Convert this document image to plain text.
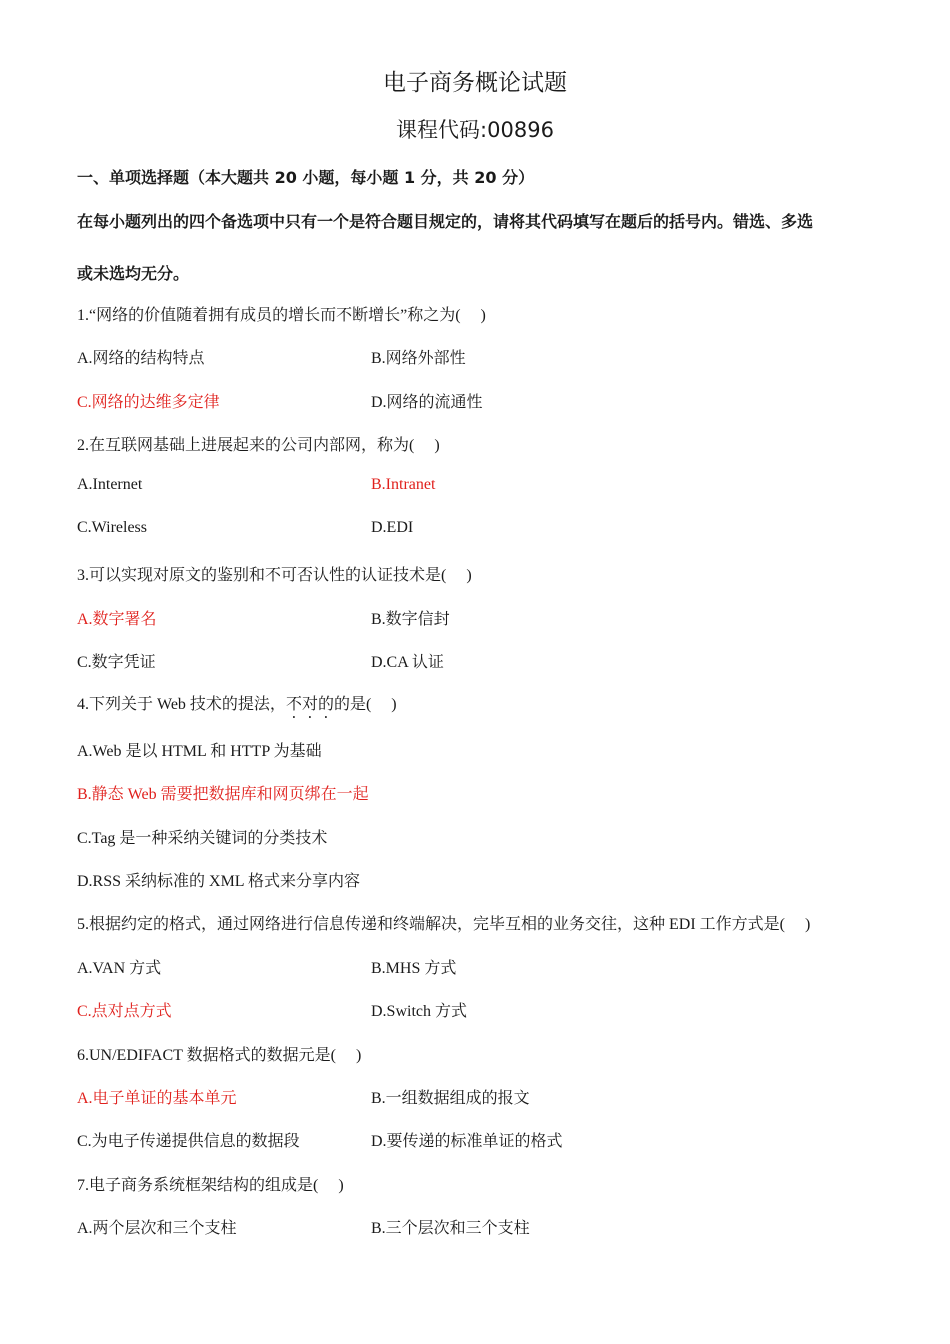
电子商务概论试题
课程代码:00896
一、单项选择题（本大题共 20 小题，每小题 1 分，共 20 分）
在每小题列出的四个备选项中只有一个是符合题目规定的，请将其代码填写在题后的括号内。错选、多选
或未选均无分。
1.“网络的价值随着拥有成员的增长而不断增长”称之为(　 )
A.网络的结构特点	B.网络外部性
C.网络的达维多定律	D.网络的流通性
2.在互联网基础上进展起来的公司内部网，称为(　 )
A.Internet	B.Intranet
C.Wireless	D.EDI
3.可以实现对原文的鉴别和不可否认性的认证技术是(　 )
A.数字署名	B.数字信封
C.数字凭证	D.CA 认证
4.下列关于 Web 技术的提法，不对的的是(　 )
A.Web 是以 HTML 和 HTTP 为基础
B.静态 Web 需要把数据库和网页绑在一起
C.Tag 是一种采纳关键词的分类技术
D.RSS 采纳标准的 XML 格式来分享内容
5.根据约定的格式，通过网络进行信息传递和终端解决，完毕互相的业务交往，这种 EDI 工作方式是(　 )
A.VAN 方式	B.MHS 方式
C.点对点方式	D.Switch 方式
6.UN/EDIFACT 数据格式的数据元是(　 )
A.电子单证的基本单元	B.一组数据组成的报文
C.为电子传递提供信息的数据段	D.要传递的标准单证的格式
7.电子商务系统框架结构的组成是(　 )
A.两个层次和三个支柱	B.三个层次和三个支柱
